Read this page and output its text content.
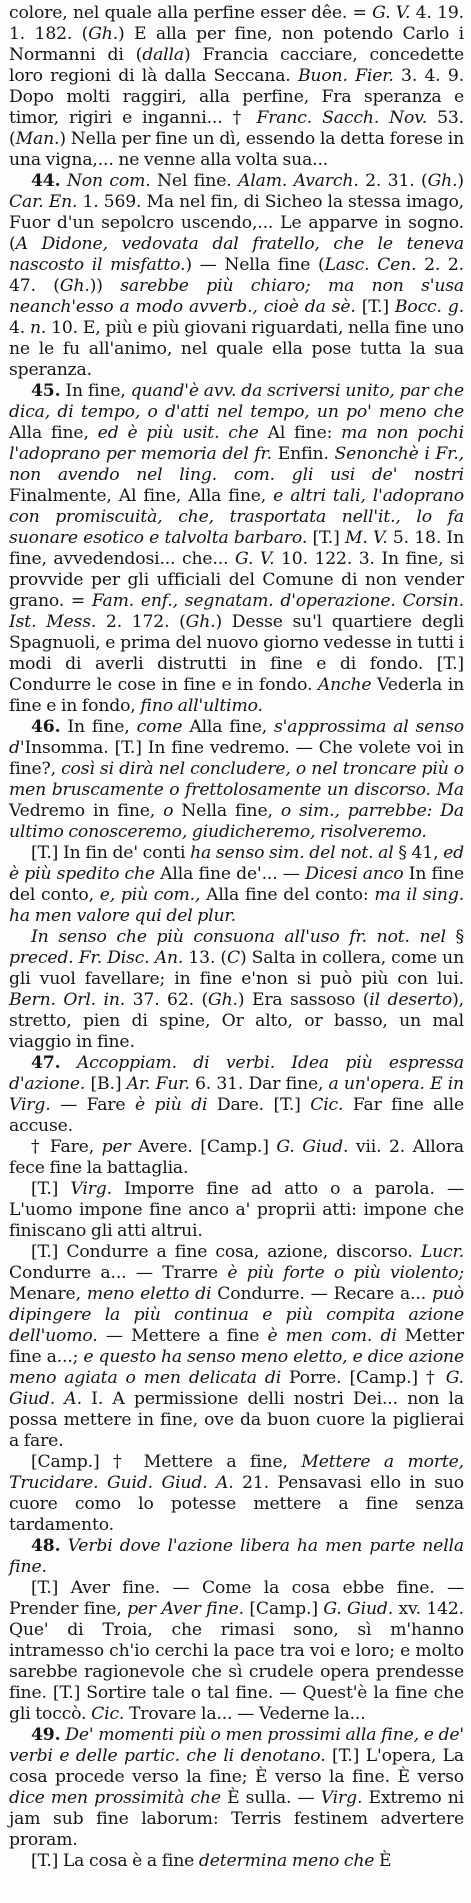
colore, nel quale alla perfine esser dêe. = G. V. 4. 19. 1. 182. (Gh.) E alla per fine, non potendo Carlo i Normanni di (dalla) Francia cacciare, concedette loro regioni di là dalla Seccana. Buon. Fier. 3. 4. 9. Dopo molti raggiri, alla perfine, Fra speranza e timor, rigiri e inganni... † Franc. Sacch. Nov. 53. (Man.) Nella per fine un dì, essendo la detta forese in una vigna,... ne venne alla volta sua...

44. Non com. Nel fine. Alam. Avarch. 2. 31. (Gh.) Car. En. 1. 569. Ma nel fin, di Sicheo la stessa imago, Fuor d'un sepolcro uscendo,... Le apparve in sogno. (A Didone, vedovata dal fratello, che le teneva nascosto il misfatto.) — Nella fine (Lasc. Cen. 2. 2. 47. (Gh.)) sarebbe più chiaro; ma non s'usa neanch'esso a modo avverb., cioè da sè. [T.] Bocc. g. 4. n. 10. E, più e più giovani riguardati, nella fine uno ne le fu all'animo, nel quale ella pose tutta la sua speranza.

45. In fine, quand'è avv. da scriversi unito, par che dica, di tempo, o d'atti nel tempo, un po' meno che Alla fine, ed è più usit. che Al fine: ma non pochi l'adoprano per memoria del fr. Enfin. Senonchè i Fr., non avendo nel ling. com. gli usi de' nostri Finalmente, Al fine, Alla fine, e altri tali, l'adoprano con promiscuità, che, trasportata nell'it., lo fa suonare esotico e talvolta barbaro. [T.] M. V. 5. 18. In fine, avvedendosi... che... G. V. 10. 122. 3. In fine, si provvide per gli ufficiali del Comune di non vender grano. = Fam. enf., segnatam. d'operazione. Corsin. Ist. Mess. 2. 172. (Gh.) Desse su'l quartiere degli Spagnuoli, e prima del nuovo giorno vedesse in tutti i modi di averli distrutti in fine e di fondo. [T.] Condurre le cose in fine e in fondo. Anche Vederla in fine e in fondo, fino all'ultimo.

46. In fine, come Alla fine, s'approssima al senso d'Insomma. [T.] In fine vedremo. — Che volete voi in fine?, così si dirà nel concludere, o nel troncare più o men bruscamente o frettolosamente un discorso. Ma Vedremo in fine, o Nella fine, o sim., parrebbe: Da ultimo conosceremo, giudicheremo, risolveremo.

[T.] In fin de' conti ha senso sim. del not. al § 41, ed è più spedito che Alla fine de'... — Dicesi anco In fine del conto, e, più com., Alla fine del conto: ma il sing. ha men valore qui del plur.

In senso che più consuona all'uso fr. not. nel § preced. Fr. Disc. An. 13. (C) Salta in collera, come un gli vuol favellare; in fine e'non si può più con lui. Bern. Orl. in. 37. 62. (Gh.) Era sassoso (il deserto), stretto, pien di spine, Or alto, or basso, un mal viaggio in fine.

47. Accoppiam. di verbi. Idea più espressa d'azione. [B.] Ar. Fur. 6. 31. Dar fine, a un'opera. E in Virg. — Fare è più di Dare. [T.] Cic. Far fine alle accuse.

† Fare, per Avere. [Camp.] G. Giud. vii. 2. Allora fece fine la battaglia.

[T.] Virg. Imporre fine ad atto o a parola. — L'uomo impone fine anco a' proprii atti: impone che finiscano gli atti altrui.

[T.] Condurre a fine cosa, azione, discorso. Lucr. Condurre a... — Trarre è più forte o più violento; Menare, meno eletto di Condurre. — Recare a... può dipingere la più continua e più compita azione dell'uomo. — Mettere a fine è men com. di Metter fine a...; e questo ha senso meno eletto, e dice azione meno agiata o men delicata di Porre. [Camp.] † G. Giud. A. I. A permissione delli nostri Dei... non la possa mettere in fine, ove da buon cuore la piglierai a fare.

[Camp.] † Mettere a fine, Mettere a morte, Trucidare. Guid. Giud. A. 21. Pensavasi ello in suo cuore como lo potesse mettere a fine senza tardamento.

48. Verbi dove l'azione libera ha men parte nella fine.

[T.] Aver fine. — Come la cosa ebbe fine. — Prender fine, per Aver fine. [Camp.] G. Giud. xv. 142. Que' di Troia, che rimasi sono, sì m'hanno intramesso ch'io cerchi la pace tra voi e loro; e molto sarebbe ragionevole che sì crudele opera prendesse fine. [T.] Sortire tale o tal fine. — Quest'è la fine che gli toccò. Cic. Trovare la... — Vederne la...

49. De' momenti più o men prossimi alla fine, e de' verbi e delle partic. che li denotano. [T.] L'opera, La cosa procede verso la fine; È verso la fine. È verso dice men prossimità che È sulla. — Virg. Extremo ni jam sub fine laborum: Terris festinem advertere proram.

[T.] La cosa è a fine determina meno che È
